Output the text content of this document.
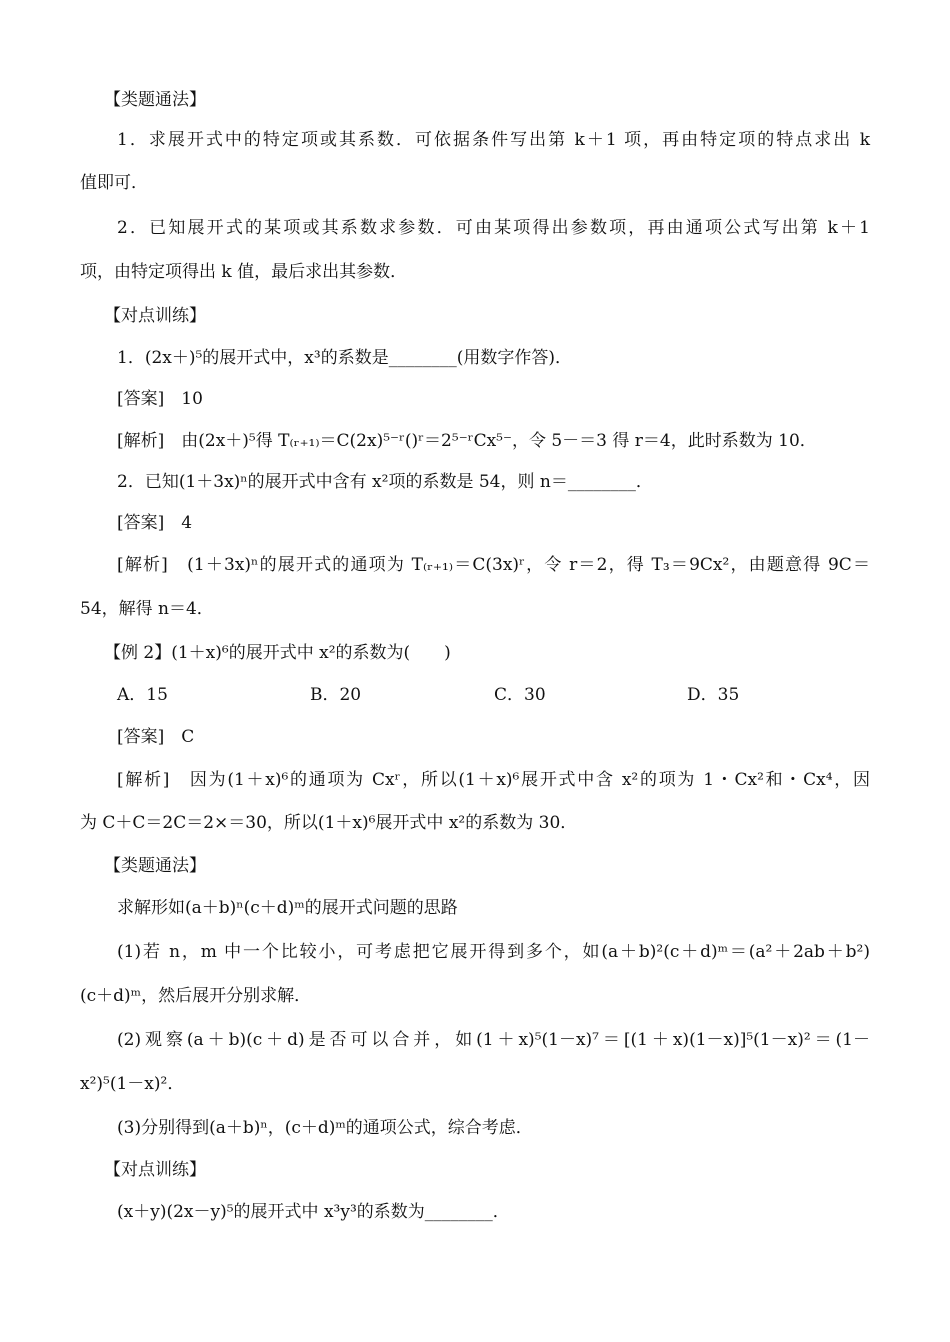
【类题通法】
1．求展开式中的特定项或其系数．可依据条件写出第 k＋1 项，再由特定项的特点求出 k
值即可．
2．已知展开式的某项或其系数求参数．可由某项得出参数项，再由通项公式写出第 k＋1
项，由特定项得出 k 值，最后求出其参数．
【对点训练】
1．(2x＋)⁵的展开式中，x³的系数是________(用数字作答)．
[答案]　10
[解析]　由(2x＋)⁵得 T₍ᵣ₊₁₎＝C(2x)⁵⁻ʳ()ʳ＝2⁵⁻ʳCx⁵⁻，令 5－＝3 得 r＝4，此时系数为 10．
2．已知(1＋3x)ⁿ的展开式中含有 x²项的系数是 54，则 n＝________．
[答案]　4
[解析]　(1＋3x)ⁿ的展开式的通项为 T₍ᵣ₊₁₎＝C(3x)ʳ，令 r＝2，得 T₃＝9Cx²，由题意得 9C＝
54，解得 n＝4．
【例 2】(1＋x)⁶的展开式中 x²的系数为(　　)
A．15	B．20	C．30	D．35
[答案]　C
[解析]　因为(1＋x)⁶的通项为 Cxʳ，所以(1＋x)⁶展开式中含 x²的项为 1・Cx²和・Cx⁴，因
为 C＋C＝2C＝2×＝30，所以(1＋x)⁶展开式中 x²的系数为 30．
【类题通法】
求解形如(a＋b)ⁿ(c＋d)ᵐ的展开式问题的思路
(1)若 n，m 中一个比较小，可考虑把它展开得到多个，如(a＋b)²(c＋d)ᵐ＝(a²＋2ab＋b²)
(c＋d)ᵐ，然后展开分别求解．
(2)观察(a＋b)(c＋d)是否可以合并，如(1＋x)⁵(1－x)⁷＝[(1＋x)(1－x)]⁵(1－x)²＝(1－
x²)⁵(1－x)²．
(3)分别得到(a＋b)ⁿ，(c＋d)ᵐ的通项公式，综合考虑．
【对点训练】
(x＋y)(2x－y)⁵的展开式中 x³y³的系数为________．
